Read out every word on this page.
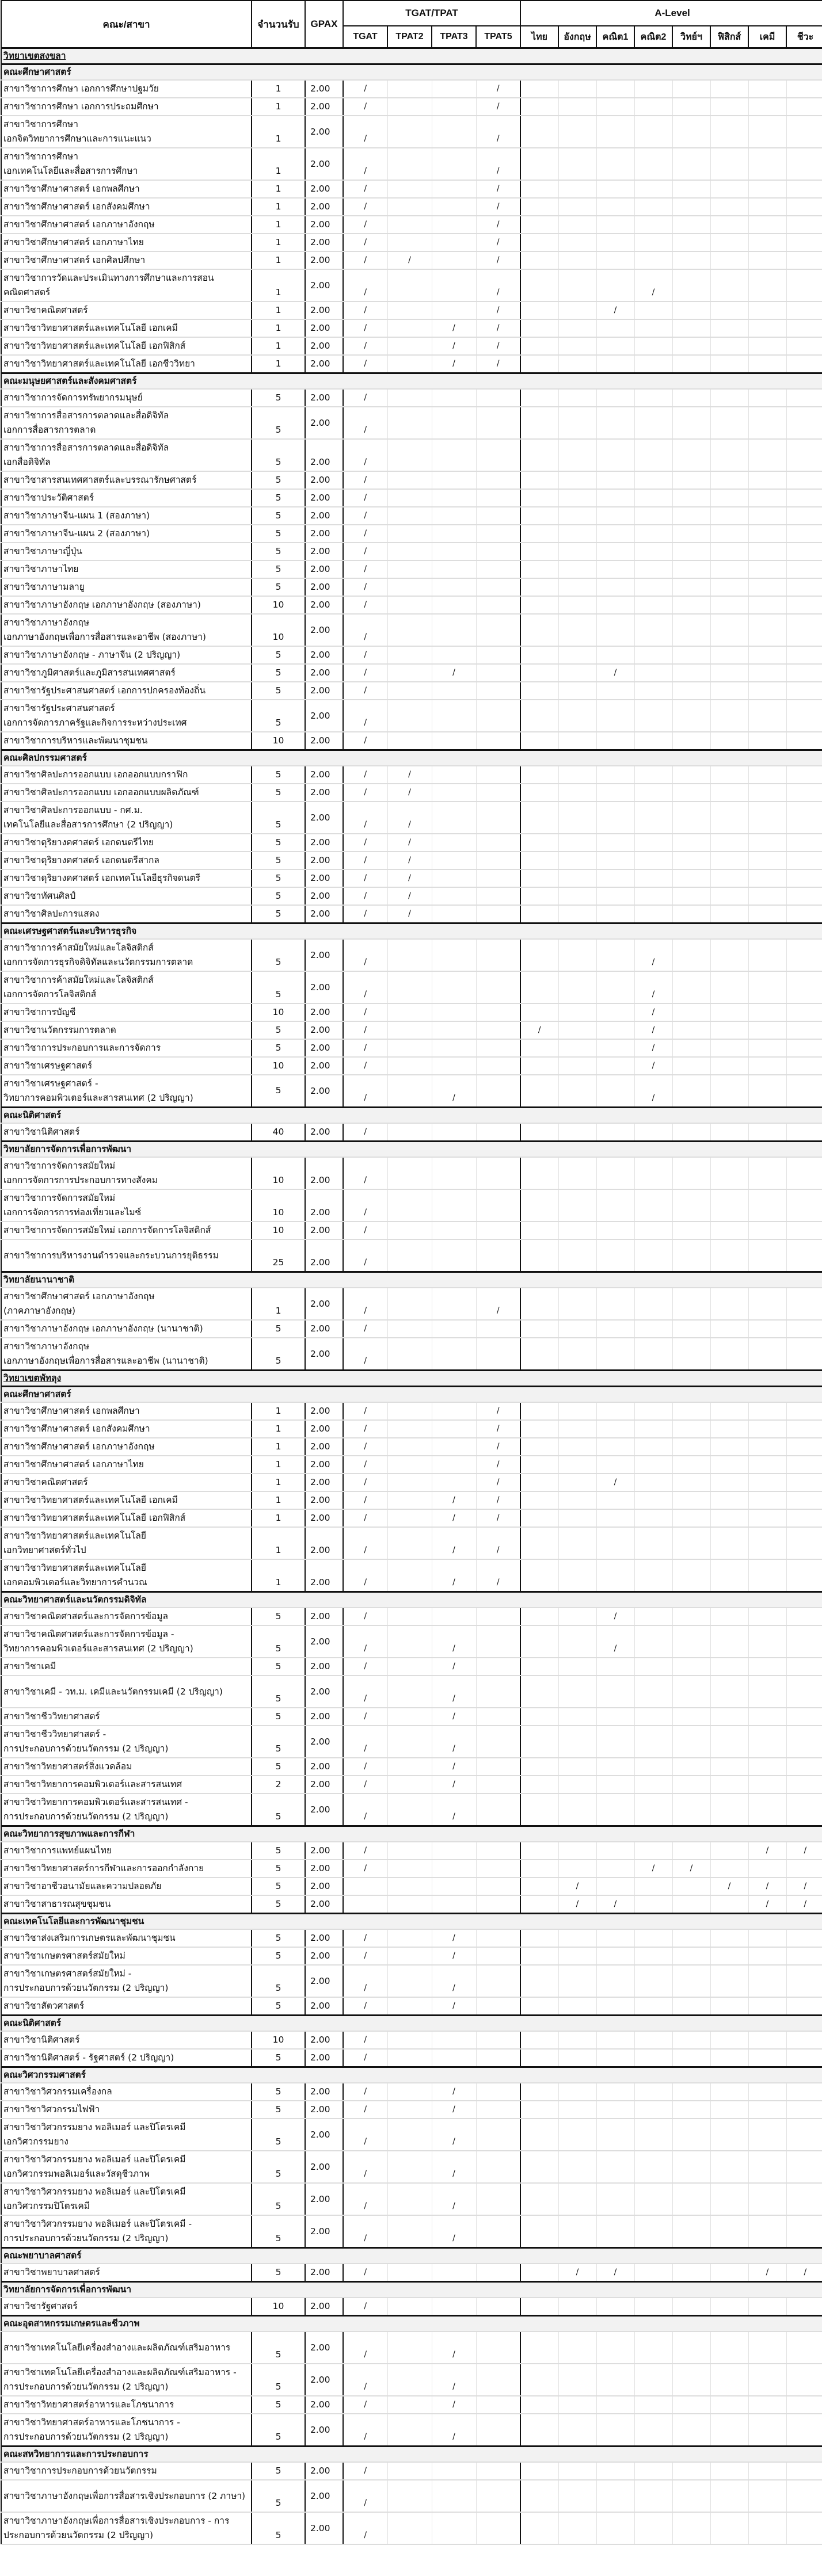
คณะ/สาขา	จำนวนรับ	GPAX	TGAT/TPAT				A-Level							
			TGAT	TPAT2	TPAT3	TPAT5	ไทย	อังกฤษ	คณิต1	คณิต2	วิทย์ฯ	ฟิสิกส์	เคมี	ชีวะ
วิทยาเขตสงขลา														
คณะศึกษาศาสตร์														
สาขาวิชาการศึกษา เอกการศึกษาปฐมวัย	1	2.00	/			/								
สาขาวิชาการศึกษา เอกการประถมศึกษา	1	2.00	/			/								
สาขาวิชาการศึกษา
เอกจิตวิทยาการศึกษาและการแนะแนว	1	2.00	/			/								
สาขาวิชาการศึกษา
เอกเทคโนโลยีและสื่อสารการศึกษา	1	2.00	/			/								
สาขาวิชาศึกษาศาสตร์ เอกพลศึกษา	1	2.00	/			/								
สาขาวิชาศึกษาศาสตร์ เอกสังคมศึกษา	1	2.00	/			/								
สาขาวิชาศึกษาศาสตร์ เอกภาษาอังกฤษ	1	2.00	/			/								
สาขาวิชาศึกษาศาสตร์ เอกภาษาไทย	1	2.00	/			/								
สาขาวิชาศึกษาศาสตร์ เอกศิลปศึกษา	1	2.00	/	/		/								
สาขาวิชาการวัดและประเมินทางการศึกษาและการสอนคณิตศาสตร์	1	2.00	/			/				/				
สาขาวิชาคณิตศาสตร์	1	2.00	/			/			/					
สาขาวิชาวิทยาศาสตร์และเทคโนโลยี เอกเคมี	1	2.00	/		/	/								
สาขาวิชาวิทยาศาสตร์และเทคโนโลยี เอกฟิสิกส์	1	2.00	/		/	/								
สาขาวิชาวิทยาศาสตร์และเทคโนโลยี เอกชีววิทยา	1	2.00	/		/	/								
คณะมนุษยศาสตร์และสังคมศาสตร์														
สาขาวิชาการจัดการทรัพยากรมนุษย์	5	2.00	/											
สาขาวิชาการสื่อสารการตลาดและสื่อดิจิทัล
เอกการสื่อสารการตลาด	5	2.00	/											
สาขาวิชาการสื่อสารการตลาดและสื่อดิจิทัล
เอกสื่อดิจิทัล	5	2.00	/											
สาขาวิชาสารสนเทศศาสตร์และบรรณารักษศาสตร์	5	2.00	/											
สาขาวิชาประวัติศาสตร์	5	2.00	/											
สาขาวิชาภาษาจีน-แผน 1 (สองภาษา)	5	2.00	/											
สาขาวิชาภาษาจีน-แผน 2 (สองภาษา)	5	2.00	/											
สาขาวิชาภาษาญี่ปุ่น	5	2.00	/											
สาขาวิชาภาษาไทย	5	2.00	/											
สาขาวิชาภาษามลายู	5	2.00	/											
สาขาวิชาภาษาอังกฤษ เอกภาษาอังกฤษ (สองภาษา)	10	2.00	/											
สาขาวิชาภาษาอังกฤษ
เอกภาษาอังกฤษเพื่อการสื่อสารและอาชีพ (สองภาษา)	10	2.00	/											
สาขาวิชาภาษาอังกฤษ - ภาษาจีน (2 ปริญญา)	5	2.00	/											
สาขาวิชาภูมิศาสตร์และภูมิสารสนเทศศาสตร์	5	2.00	/		/				/					
สาขาวิชารัฐประศาสนศาสตร์ เอกการปกครองท้องถิ่น	5	2.00	/											
สาขาวิชารัฐประศาสนศาสตร์
เอกการจัดการภาครัฐและกิจการระหว่างประเทศ	5	2.00	/											
สาขาวิชาการบริหารและพัฒนาชุมชน	10	2.00	/											
คณะศิลปกรรมศาสตร์														
สาขาวิชาศิลปะการออกแบบ เอกออกแบบกราฟิก	5	2.00	/	/										
สาขาวิชาศิลปะการออกแบบ เอกออกแบบผลิตภัณฑ์	5	2.00	/	/										
สาขาวิชาศิลปะการออกแบบ - กศ.ม.
เทคโนโลยีและสื่อสารการศึกษา (2 ปริญญา)	5	2.00	/	/										
สาขาวิชาดุริยางคศาสตร์ เอกดนตรีไทย	5	2.00	/	/										
สาขาวิชาดุริยางคศาสตร์ เอกดนตรีสากล	5	2.00	/	/										
สาขาวิชาดุริยางคศาสตร์ เอกเทคโนโลยีธุรกิจดนตรี	5	2.00	/	/										
สาขาวิชาทัศนศิลป์	5	2.00	/	/										
สาขาวิชาศิลปะการแสดง	5	2.00	/	/										
คณะเศรษฐศาสตร์และบริหารธุรกิจ														
สาขาวิชาการค้าสมัยใหม่และโลจิสติกส์
เอกการจัดการธุรกิจดิจิทัลและนวัตกรรมการตลาด	5	2.00	/							/				
สาขาวิชาการค้าสมัยใหม่และโลจิสติกส์
เอกการจัดการโลจิสติกส์	5	2.00	/							/				
สาขาวิชาการบัญชี	10	2.00	/							/				
สาขาวิชานวัตกรรมการตลาด	5	2.00	/				/			/				
สาขาวิชาการประกอบการและการจัดการ	5	2.00	/							/				
สาขาวิชาเศรษฐศาสตร์	10	2.00	/							/				
สาขาวิชาเศรษฐศาสตร์ -
วิทยาการคอมพิวเตอร์และสารสนเทศ (2 ปริญญา)	5	2.00	/		/					/				
คณะนิติศาสตร์														
สาขาวิชานิติศาสตร์	40	2.00	/											
วิทยาลัยการจัดการเพื่อการพัฒนา														
สาขาวิชาการจัดการสมัยใหม่
เอกการจัดการการประกอบการทางสังคม	10	2.00	/											
สาขาวิชาการจัดการสมัยใหม่
เอกการจัดการการท่องเที่ยวและไมซ์	10	2.00	/											
สาขาวิชาการจัดการสมัยใหม่ เอกการจัดการโลจิสติกส์	10	2.00	/											
สาขาวิชาการบริหารงานตำรวจและกระบวนการยุติธรรม	25	2.00	/											
วิทยาลัยนานาชาติ														
สาขาวิชาศึกษาศาสตร์ เอกภาษาอังกฤษ
(ภาคภาษาอังกฤษ)	1	2.00	/			/								
สาขาวิชาภาษาอังกฤษ เอกภาษาอังกฤษ (นานาชาติ)	5	2.00	/											
สาขาวิชาภาษาอังกฤษ
เอกภาษาอังกฤษเพื่อการสื่อสารและอาชีพ (นานาชาติ)	5	2.00	/											
วิทยาเขตพัทลุง														
คณะศึกษาศาสตร์														
สาขาวิชาศึกษาศาสตร์ เอกพลศึกษา	1	2.00	/			/								
สาขาวิชาศึกษาศาสตร์ เอกสังคมศึกษา	1	2.00	/			/								
สาขาวิชาศึกษาศาสตร์ เอกภาษาอังกฤษ	1	2.00	/			/								
สาขาวิชาศึกษาศาสตร์ เอกภาษาไทย	1	2.00	/			/								
สาขาวิชาคณิตศาสตร์	1	2.00	/			/			/					
สาขาวิชาวิทยาศาสตร์และเทคโนโลยี เอกเคมี	1	2.00	/		/	/								
สาขาวิชาวิทยาศาสตร์และเทคโนโลยี เอกฟิสิกส์	1	2.00	/		/	/								
สาขาวิชาวิทยาศาสตร์และเทคโนโลยี
เอกวิทยาศาสตร์ทั่วไป	1	2.00	/		/	/								
สาขาวิชาวิทยาศาสตร์และเทคโนโลยี
เอกคอมพิวเตอร์และวิทยาการคำนวณ	1	2.00	/		/	/								
คณะวิทยาศาสตร์และนวัตกรรมดิจิทัล														
สาขาวิชาคณิตศาสตร์และการจัดการข้อมูล	5	2.00	/						/					
สาขาวิชาคณิตศาสตร์และการจัดการข้อมูล -
วิทยาการคอมพิวเตอร์และสารสนเทศ (2 ปริญญา)	5	2.00	/		/				/					
สาขาวิชาเคมี	5	2.00	/		/									
สาขาวิชาเคมี - วท.ม. เคมีและนวัตกรรมเคมี (2 ปริญญา)	5	2.00	/		/									
สาขาวิชาชีววิทยาศาสตร์	5	2.00	/		/									
สาขาวิชาชีววิทยาศาสตร์ -
การประกอบการด้วยนวัตกรรม (2 ปริญญา)	5	2.00	/		/									
สาขาวิชาวิทยาศาสตร์สิ่งแวดล้อม	5	2.00	/		/									
สาขาวิชาวิทยาการคอมพิวเตอร์และสารสนเทศ	2	2.00	/		/									
สาขาวิชาวิทยาการคอมพิวเตอร์และสารสนเทศ -
การประกอบการด้วยนวัตกรรม (2 ปริญญา)	5	2.00	/		/									
คณะวิทยาการสุขภาพและการกีฬา														
สาขาวิชาการแพทย์แผนไทย	5	2.00	/										/	/
สาขาวิชาวิทยาศาสตร์การกีฬาและการออกกำลังกาย	5	2.00	/							/	/			
สาขาวิชาอาชีวอนามัยและความปลอดภัย	5	2.00						/				/	/	/
สาขาวิชาสาธารณสุขชุมชน	5	2.00						/	/				/	/
คณะเทคโนโลยีและการพัฒนาชุมชน														
สาขาวิชาส่งเสริมการเกษตรและพัฒนาชุมชน	5	2.00	/		/									
สาขาวิชาเกษตรศาสตร์สมัยใหม่	5	2.00	/		/									
สาขาวิชาเกษตรศาสตร์สมัยใหม่ -
การประกอบการด้วยนวัตกรรม (2 ปริญญา)	5	2.00	/		/									
สาขาวิชาสัตวศาสตร์	5	2.00	/		/									
คณะนิติศาสตร์														
สาขาวิชานิติศาสตร์	10	2.00	/											
สาขาวิชานิติศาสตร์ - รัฐศาสตร์ (2 ปริญญา)	5	2.00	/											
คณะวิศวกรรมศาสตร์														
สาขาวิชาวิศวกรรมเครื่องกล	5	2.00	/		/									
สาขาวิชาวิศวกรรมไฟฟ้า	5	2.00	/		/									
สาขาวิชาวิศวกรรมยาง พอลิเมอร์ และปิโตรเคมี
เอกวิศวกรรมยาง	5	2.00	/		/									
สาขาวิชาวิศวกรรมยาง พอลิเมอร์ และปิโตรเคมี
เอกวิศวกรรมพอลิเมอร์และวัสดุชีวภาพ	5	2.00	/		/									
สาขาวิชาวิศวกรรมยาง พอลิเมอร์ และปิโตรเคมี
เอกวิศวกรรมปิโตรเคมี	5	2.00	/		/									
สาขาวิชาวิศวกรรมยาง พอลิเมอร์ และปิโตรเคมี -
การประกอบการด้วยนวัตกรรม (2 ปริญญา)	5	2.00	/		/									
คณะพยาบาลศาสตร์														
สาขาวิชาพยาบาลศาสตร์	5	2.00	/					/	/				/	/
วิทยาลัยการจัดการเพื่อการพัฒนา														
สาขาวิชารัฐศาสตร์	10	2.00	/											
คณะอุตสาหกรรมเกษตรและชีวภาพ														
สาขาวิชาเทคโนโลยีเครื่องสำอางและผลิตภัณฑ์เสริมอาหาร	5	2.00	/		/									
สาขาวิชาเทคโนโลยีเครื่องสำอางและผลิตภัณฑ์เสริมอาหาร - การประกอบการด้วยนวัตกรรม (2 ปริญญา)	5	2.00	/		/									
สาขาวิชาวิทยาศาสตร์อาหารและโภชนาการ	5	2.00	/		/									
สาขาวิชาวิทยาศาสตร์อาหารและโภชนาการ -
การประกอบการด้วยนวัตกรรม (2 ปริญญา)	5	2.00	/		/									
คณะสหวิทยาการและการประกอบการ														
สาขาวิชาการประกอบการด้วยนวัตกรรม	5	2.00	/											
สาขาวิชาภาษาอังกฤษเพื่อการสื่อสารเชิงประกอบการ (2 ภาษา)	5	2.00	/											
สาขาวิชาภาษาอังกฤษเพื่อการสื่อสารเชิงประกอบการ - การประกอบการด้วยนวัตกรรม (2 ปริญญา)	5	2.00	/											
